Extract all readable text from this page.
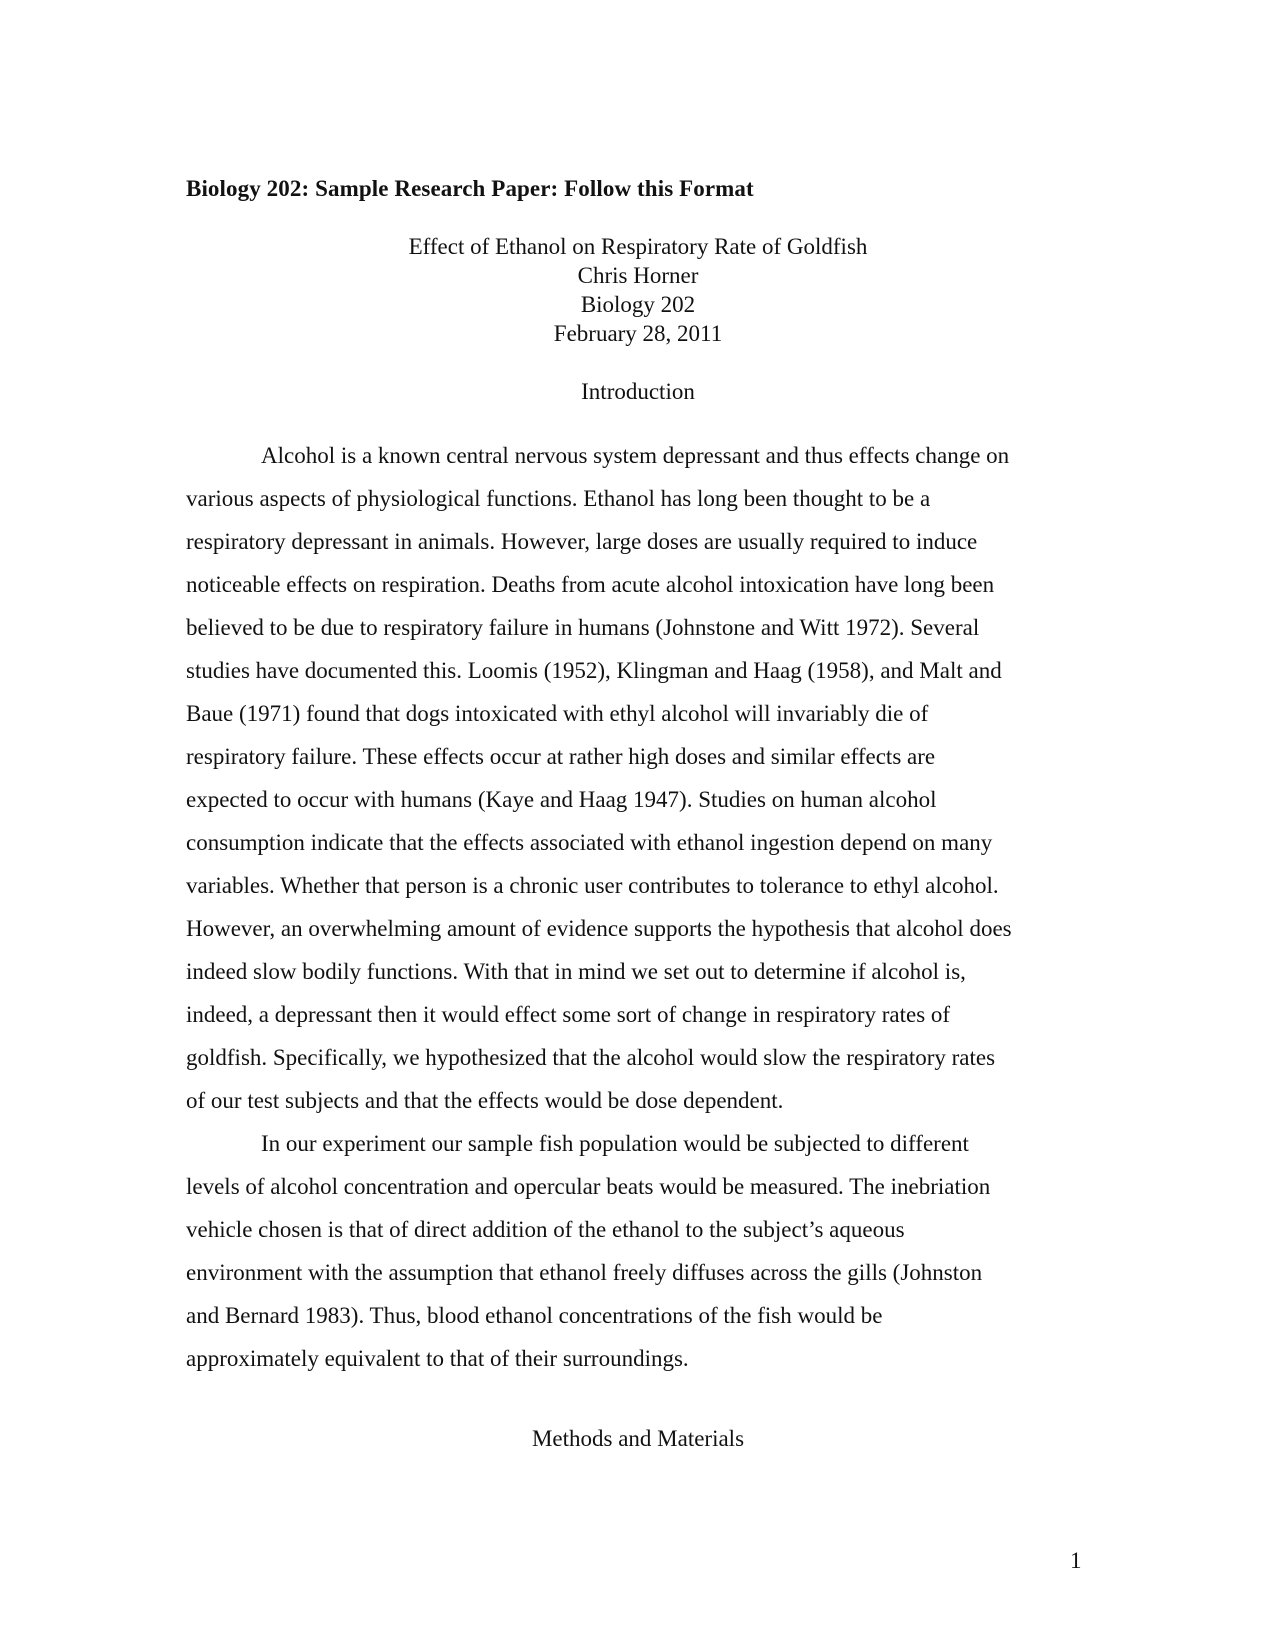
Biology 202: Sample Research Paper: Follow this Format
Effect of Ethanol on Respiratory Rate of Goldfish
Chris Horner
Biology 202
February 28, 2011
Introduction
Alcohol is a known central nervous system depressant and thus effects change on
various aspects of physiological functions. Ethanol has long been thought to be a
respiratory depressant in animals. However, large doses are usually required to induce
noticeable effects on respiration. Deaths from acute alcohol intoxication have long been
believed to be due to respiratory failure in humans (Johnstone and Witt 1972). Several
studies have documented this. Loomis (1952), Klingman and Haag (1958), and Malt and
Baue (1971) found that dogs intoxicated with ethyl alcohol will invariably die of
respiratory failure. These effects occur at rather high doses and similar effects are
expected to occur with humans (Kaye and Haag 1947). Studies on human alcohol
consumption indicate that the effects associated with ethanol ingestion depend on many
variables. Whether that person is a chronic user contributes to tolerance to ethyl alcohol.
However, an overwhelming amount of evidence supports the hypothesis that alcohol does
indeed slow bodily functions. With that in mind we set out to determine if alcohol is,
indeed, a depressant then it would effect some sort of change in respiratory rates of
goldfish. Specifically, we hypothesized that the alcohol would slow the respiratory rates
of our test subjects and that the effects would be dose dependent.
In our experiment our sample fish population would be subjected to different
levels of alcohol concentration and opercular beats would be measured. The inebriation
vehicle chosen is that of direct addition of the ethanol to the subject’s aqueous
environment with the assumption that ethanol freely diffuses across the gills (Johnston
and Bernard 1983). Thus, blood ethanol concentrations of the fish would be
approximately equivalent to that of their surroundings.
Methods and Materials
1
